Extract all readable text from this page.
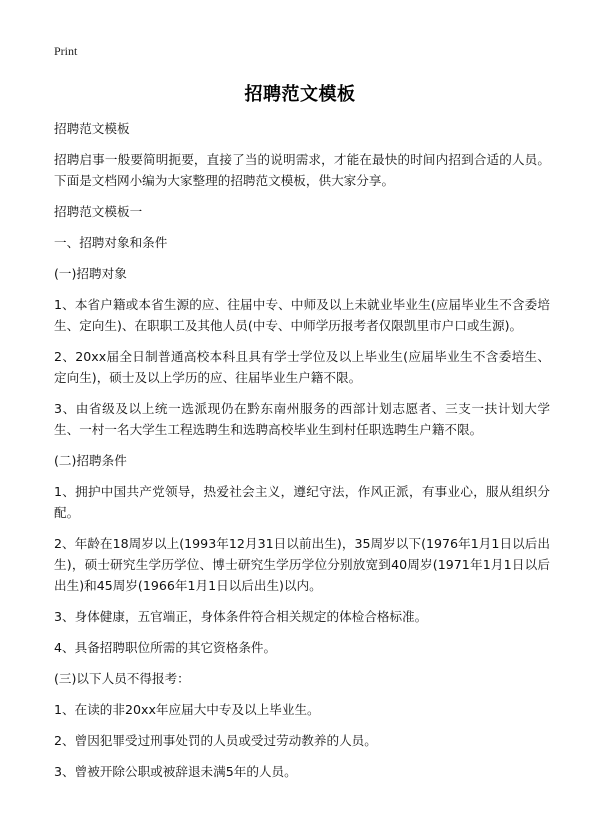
Print
招聘范文模板

招聘范文模板

招聘启事一般要简明扼要，直接了当的说明需求，才能在最快的时间内招到合适的人员。下面是文档网小编为大家整理的招聘范文模板，供大家分享。

招聘范文模板一

一、招聘对象和条件

(一)招聘对象

1、本省户籍或本省生源的应、往届中专、中师及以上未就业毕业生(应届毕业生不含委培生、定向生)、在职职工及其他人员(中专、中师学历报考者仅限凯里市户口或生源)。

2、20xx届全日制普通高校本科且具有学士学位及以上毕业生(应届毕业生不含委培生、定向生)，硕士及以上学历的应、往届毕业生户籍不限。

3、由省级及以上统一选派现仍在黔东南州服务的西部计划志愿者、三支一扶计划大学生、一村一名大学生工程选聘生和选聘高校毕业生到村任职选聘生户籍不限。

(二)招聘条件

1、拥护中国共产党领导，热爱社会主义，遵纪守法，作风正派，有事业心，服从组织分配。

2、年龄在18周岁以上(1993年12月31日以前出生)，35周岁以下(1976年1月1日以后出生)，硕士研究生学历学位、博士研究生学历学位分别放宽到40周岁(1971年1月1日以后出生)和45周岁(1966年1月1日以后出生)以内。

3、身体健康，五官端正，身体条件符合相关规定的体检合格标准。

4、具备招聘职位所需的其它资格条件。

(三)以下人员不得报考：

1、在读的非20xx年应届大中专及以上毕业生。

2、曾因犯罪受过刑事处罚的人员或受过劳动教养的人员。

3、曾被开除公职或被辞退未满5年的人员。
